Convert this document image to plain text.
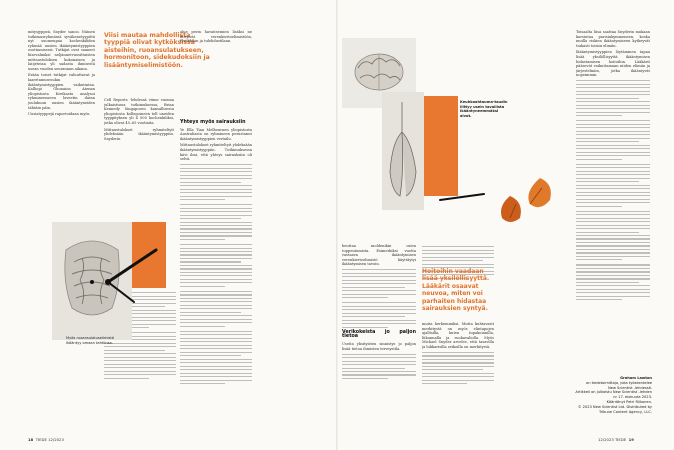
mitysjyppeä, Snyder sanoo. Näinen tutkimusryhmässä syväkenetyypittä nyt suomenpaa kochenkiliden ryhmää uusien ikääntymistyyppien osottamisessi. Tutkijat ovat saaneet liisevalmiksi neljännetvuosittaisten mittaustuloksen kokonaisen ja laiijeteiaa yli sadasta ihmisestä usean vuoden seurannan aikana.

Erään toiset tutkijat valuuttavat ja laaretamusesukin ikääntymistyyppien vaikutintaa. Kalliopi Ghonaion Atenan yliopistosta Kreikasta analysoi ryhmineenseen laveetin datan joulukuun uusien ikääntyneiden tähtäin päin.

Uusiatyyppejä raportoidaan myös.

Viisi mautaa mahdollista tyyppiä olivat kytköksissä aisteihin, ruoansulatukseen, hormonitoon, sidekudoksiin ja lisääntymiselimistöön.

Cell Reports -lehdessä viime vuonna julkaistussa tutkimuksessa, Brian Kennedy Singaporen kansallisesta yliopistosta kollegoineen tell uneiden tyyppityksen yli 4 000 kochenkiliksi, jotka olivat 45–65 vuotiaita.

Mittaustulokset ryhmiteltyit yhdeksään ikääntymistyyppiin. Snyderin

alue perin havaitsemien lisäksi ne liittyivät verenkiertoelimistöön, fysiikkaan ja tulehdustilaan.

Yhteys myös sairauksiin

Ye Ella Tian Melbournen yliopistosta Australiasta on ryhmineen perustanut ikääntymistyyppien vertailu.

Mittaustulokset ryhmiteltyit yhdeksään ikääntymistyyppiin. Tutkimuksessa kävi ilmi, että yhteys sairauksiin oli selvä.

Myös ruoansulatuselimistö ikääntyy omaan tahtiinsa.
18 TIEDE 12/2023
Keuhkoahtauma-taudin liittyy usein tavallista ikääntyneemmäksi alvot.

beuttaa moldenikin osien toppeutumista. Esimerkiksi vuotta vastaava ikääntymisen verenkiertoelimistö käyttäytyi ikääntymisen tavoin.

Verikokeista jo paljon tietoa

Useita yksityisten sinnistys jo paljon lisää tietoa ihmisten terveystila.

Hoitoihin vaadaan lisää yksilöllisyyttä. Lääkärit osaavat neuvoa, miten voi parhaiten hidastaa sairauksien syntyä.

muita herkemmiksi. Mutta kuhtavasti merkitystä on myös elintapojen ajallisilla, kuten tupakoinnilla, liikunnalla ja ruokavaliolla. Myös Michael Snyder arvelee, että tasavilla ja lukkarisilla seikoilla on merkitystä.

Toisaalta liisa saattaa Snyderin mukaan karsiutua parisinkymmeneen, koska muilla riskien ikääntymiseen kytkeyvät tiukasti toisiin elimiin.

Ikääntymistyyppien löytäminen tapaa lisää yksilöllisyyttä ikääntymisen hidastamisen hoitoihin. Lääkärit pääsevät vaikuttamaan niiden elimiin ja järjestelmiin, jotka ikääntyvät nopeimmin.

Graham Lawton
on tiedetoimittaja, joka työskentelee
New Scientist -lehdessä.
Artikkeli on julkaistu New Scientist -lehden
nr 17. elokuuta 2023.
Kääntänyt Petri Riikonen.
© 2023 New Scientist Ltd. Distributed by
Tribune Content Agency, LLC.
12/2023 TIEDE 19
